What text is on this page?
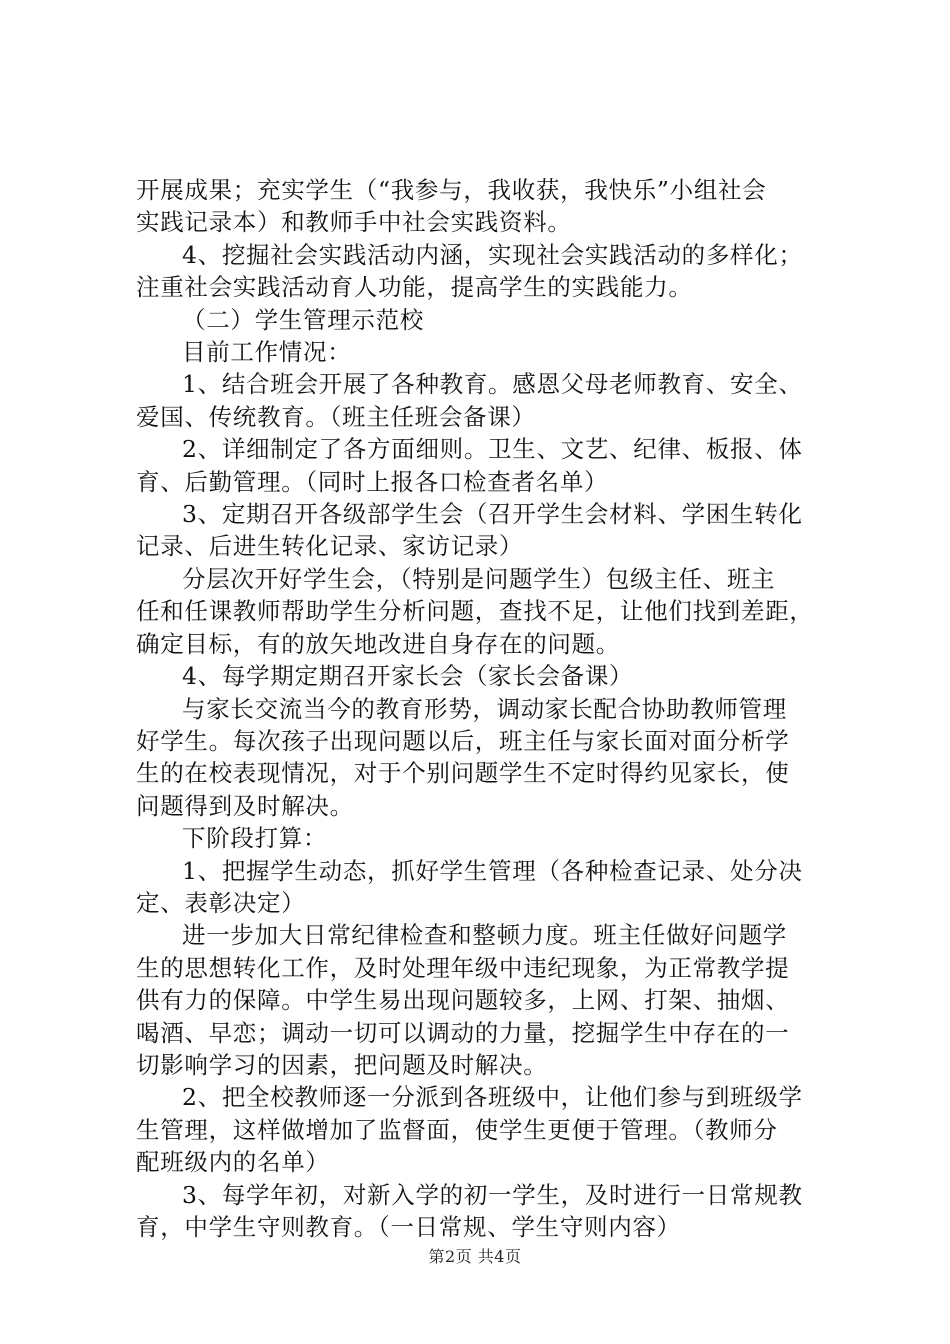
开展成果；充实学生（“我参与，我收获，我快乐”小组社会
实践记录本）和教师手中社会实践资料。
4、挖掘社会实践活动内涵，实现社会实践活动的多样化；
注重社会实践活动育人功能，提高学生的实践能力。
（二）学生管理示范校
目前工作情况：
1、结合班会开展了各种教育。感恩父母老师教育、安全、
爱国、传统教育。（班主任班会备课）
2、详细制定了各方面细则。卫生、文艺、纪律、板报、体
育、后勤管理。（同时上报各口检查者名单）
3、定期召开各级部学生会（召开学生会材料、学困生转化
记录、后进生转化记录、家访记录）
分层次开好学生会，（特别是问题学生）包级主任、班主
任和任课教师帮助学生分析问题，查找不足，让他们找到差距，
确定目标，有的放矢地改进自身存在的问题。
4、每学期定期召开家长会（家长会备课）
与家长交流当今的教育形势，调动家长配合协助教师管理
好学生。每次孩子出现问题以后，班主任与家长面对面分析学
生的在校表现情况，对于个别问题学生不定时得约见家长，使
问题得到及时解决。
下阶段打算：
1、把握学生动态，抓好学生管理（各种检查记录、处分决
定、表彰决定）
进一步加大日常纪律检查和整顿力度。班主任做好问题学
生的思想转化工作，及时处理年级中违纪现象，为正常教学提
供有力的保障。中学生易出现问题较多，上网、打架、抽烟、
喝酒、早恋；调动一切可以调动的力量，挖掘学生中存在的一
切影响学习的因素，把问题及时解决。
2、把全校教师逐一分派到各班级中，让他们参与到班级学
生管理，这样做增加了监督面，使学生更便于管理。（教师分
配班级内的名单）
3、每学年初，对新入学的初一学生，及时进行一日常规教
育，中学生守则教育。（一日常规、学生守则内容）
第2页 共4页
